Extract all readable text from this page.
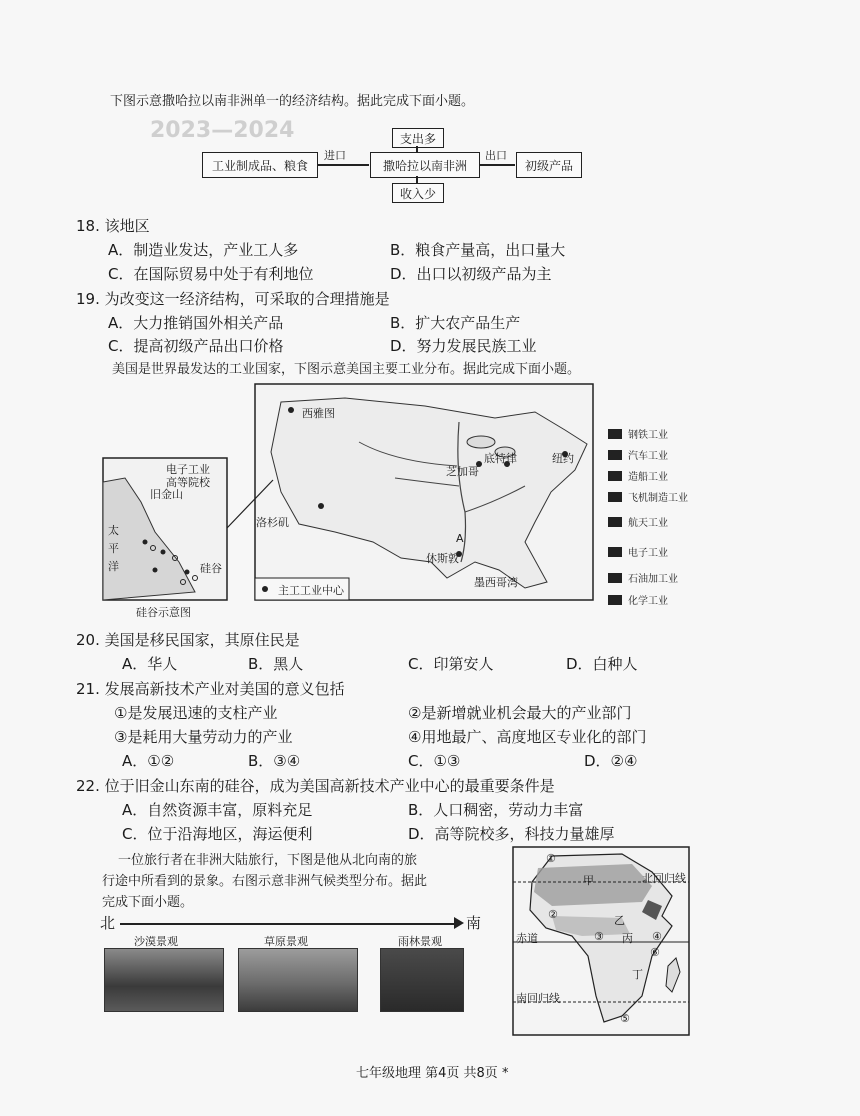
2023—2024
下图示意撒哈拉以南非洲单一的经济结构。据此完成下面小题。
工业制成品、粮食
进口
撒哈拉以南非洲
出口
初级产品
支出多
收入少
18. 该地区
A．制造业发达，产业工人多	B．粮食产量高，出口量大
C．在国际贸易中处于有利地位	D．出口以初级产品为主
19. 为改变这一经济结构，可采取的合理措施是
A．大力推销国外相关产品	B．扩大农产品生产
C．提高初级产品出口价格	D．努力发展民族工业
美国是世界最发达的工业国家，下图示意美国主要工业分布。据此完成下面小题。
西雅图
芝加哥
底特律	纽约
洛杉矶
休斯敦
墨西哥湾
旧金山
硅谷
A
主工工业中心
电子工业
高等院校
太
平
洋
硅谷示意图
钢铁工业
汽车工业
造船工业
飞机制造工业
航天工业
电子工业
石油加工业
化学工业
20. 美国是移民国家，其原住民是
A．华人	B．黑人	C．印第安人	D．白种人
21. 发展高新技术产业对美国的意义包括
①是发展迅速的支柱产业	②是新增就业机会最大的产业部门
③是耗用大量劳动力的产业	④用地最广、高度地区专业化的部门
A．①②	B．③④	C．①③	D．②④
22. 位于旧金山东南的硅谷，成为美国高新技术产业中心的最重要条件是
A．自然资源丰富，原料充足	B．人口稠密，劳动力丰富
C．位于沿海地区，海运便利	D．高等院校多，科技力量雄厚
一位旅行者在非洲大陆旅行，下图是他从北向南的旅
行途中所看到的景象。右图示意非洲气候类型分布。据此
完成下面小题。
北	南
沙漠景观	草原景观	雨林景观
甲
乙
丙
丁
北回归线
赤道
南回归线
①
②
③	④
⑤
⑥
七年级地理 第4页 共8页 *
